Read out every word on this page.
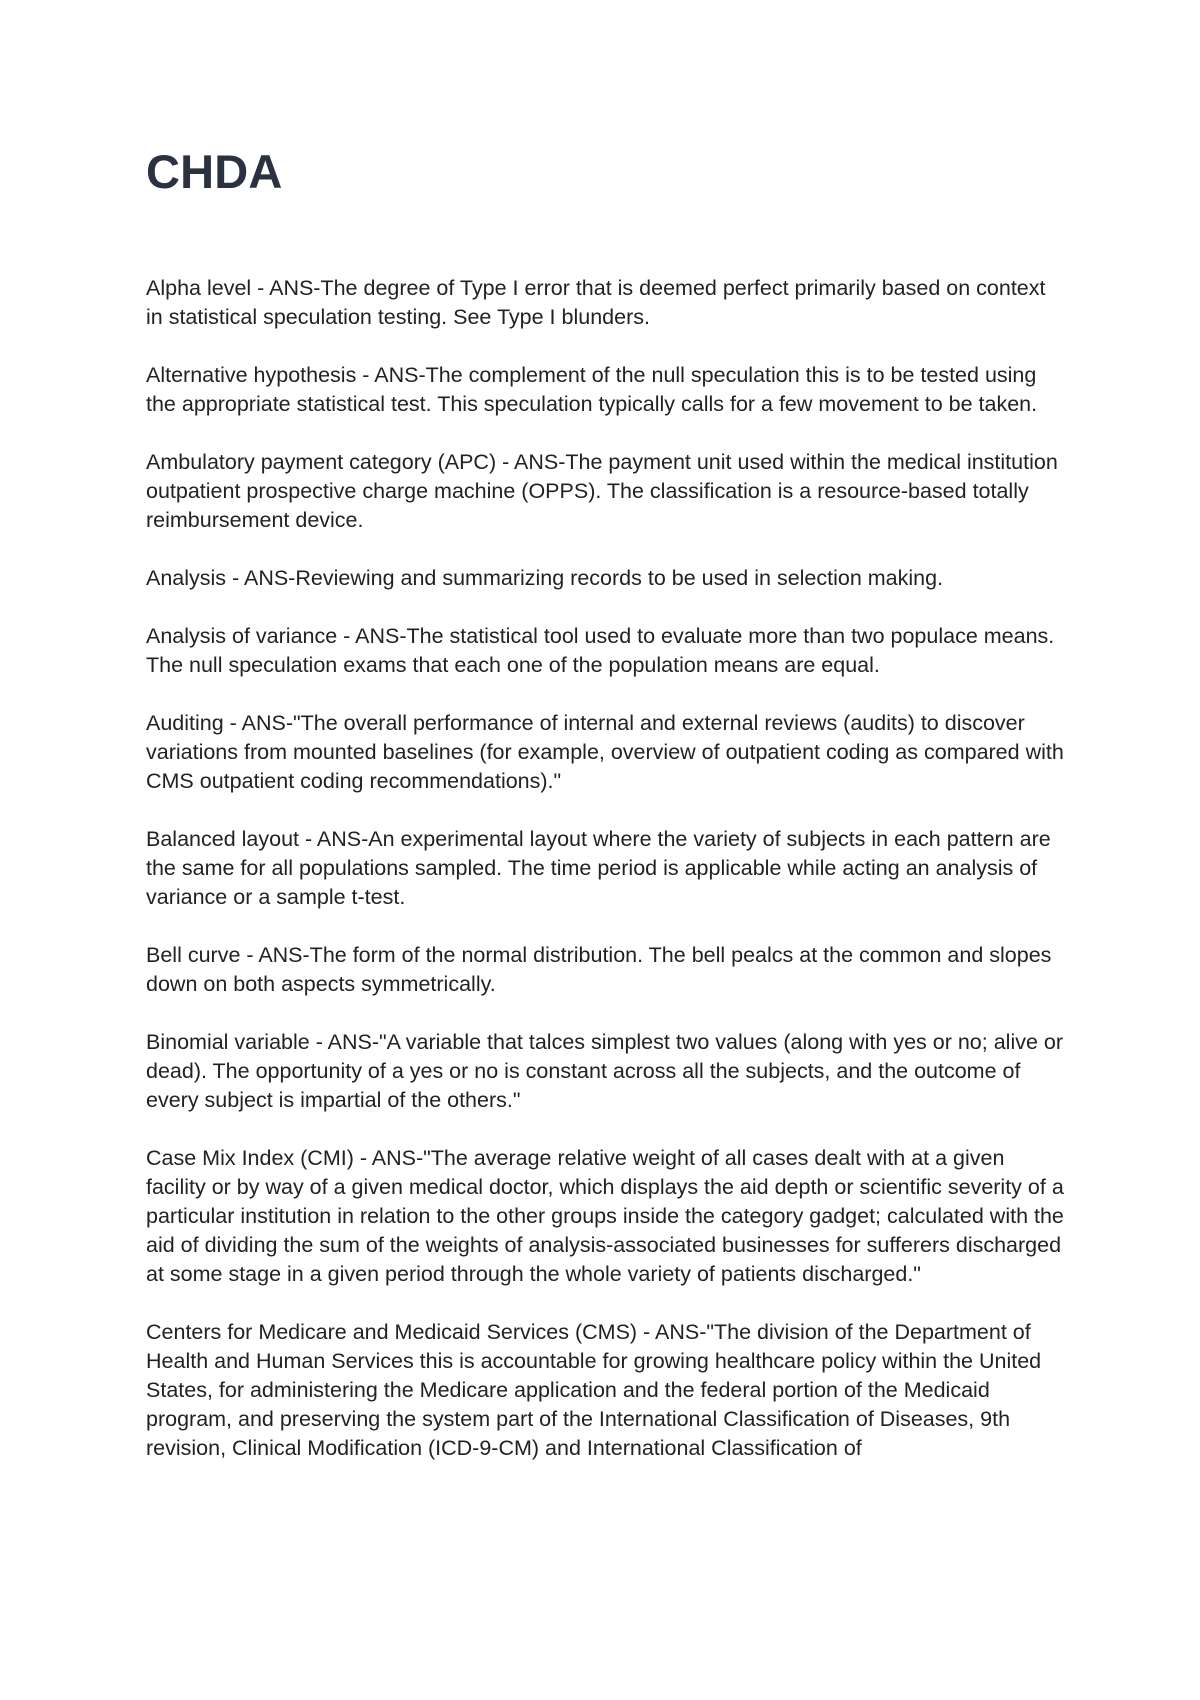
CHDA

Alpha level - ANS-The degree of Type I error that is deemed perfect primarily based on context in statistical speculation testing. See Type I blunders.

Alternative hypothesis - ANS-The complement of the null speculation this is to be tested using the appropriate statistical test. This speculation typically calls for a few movement to be taken.

Ambulatory payment category (APC) - ANS-The payment unit used within the medical institution outpatient prospective charge machine (OPPS). The classification is a resource-based totally reimbursement device.

Analysis - ANS-Reviewing and summarizing records to be used in selection making.

Analysis of variance - ANS-The statistical tool used to evaluate more than two populace means. The null speculation exams that each one of the population means are equal.

Auditing - ANS-"The overall performance of internal and external reviews (audits) to discover variations from mounted baselines (for example, overview of outpatient coding as compared with CMS outpatient coding recommendations)."

Balanced layout - ANS-An experimental layout where the variety of subjects in each pattern are the same for all populations sampled. The time period is applicable while acting an analysis of variance or a sample t-test.

Bell curve - ANS-The form of the normal distribution. The bell pealcs at the common and slopes down on both aspects symmetrically.

Binomial variable - ANS-"A variable that talces simplest two values (along with yes or no; alive or dead). The opportunity of a yes or no is constant across all the subjects, and the outcome of every subject is impartial of the others."

Case Mix Index (CMI) - ANS-"The average relative weight of all cases dealt with at a given facility or by way of a given medical doctor, which displays the aid depth or scientific severity of a particular institution in relation to the other groups inside the category gadget; calculated with the aid of dividing the sum of the weights of analysis-associated businesses for sufferers discharged at some stage in a given period through the whole variety of patients discharged."

Centers for Medicare and Medicaid Services (CMS) - ANS-"The division of the Department of Health and Human Services this is accountable for growing healthcare policy within the United States, for administering the Medicare application and the federal portion of the Medicaid program, and preserving the system part of the International Classification of Diseases, 9th revision, Clinical Modification (ICD-9-CM) and International Classification of
